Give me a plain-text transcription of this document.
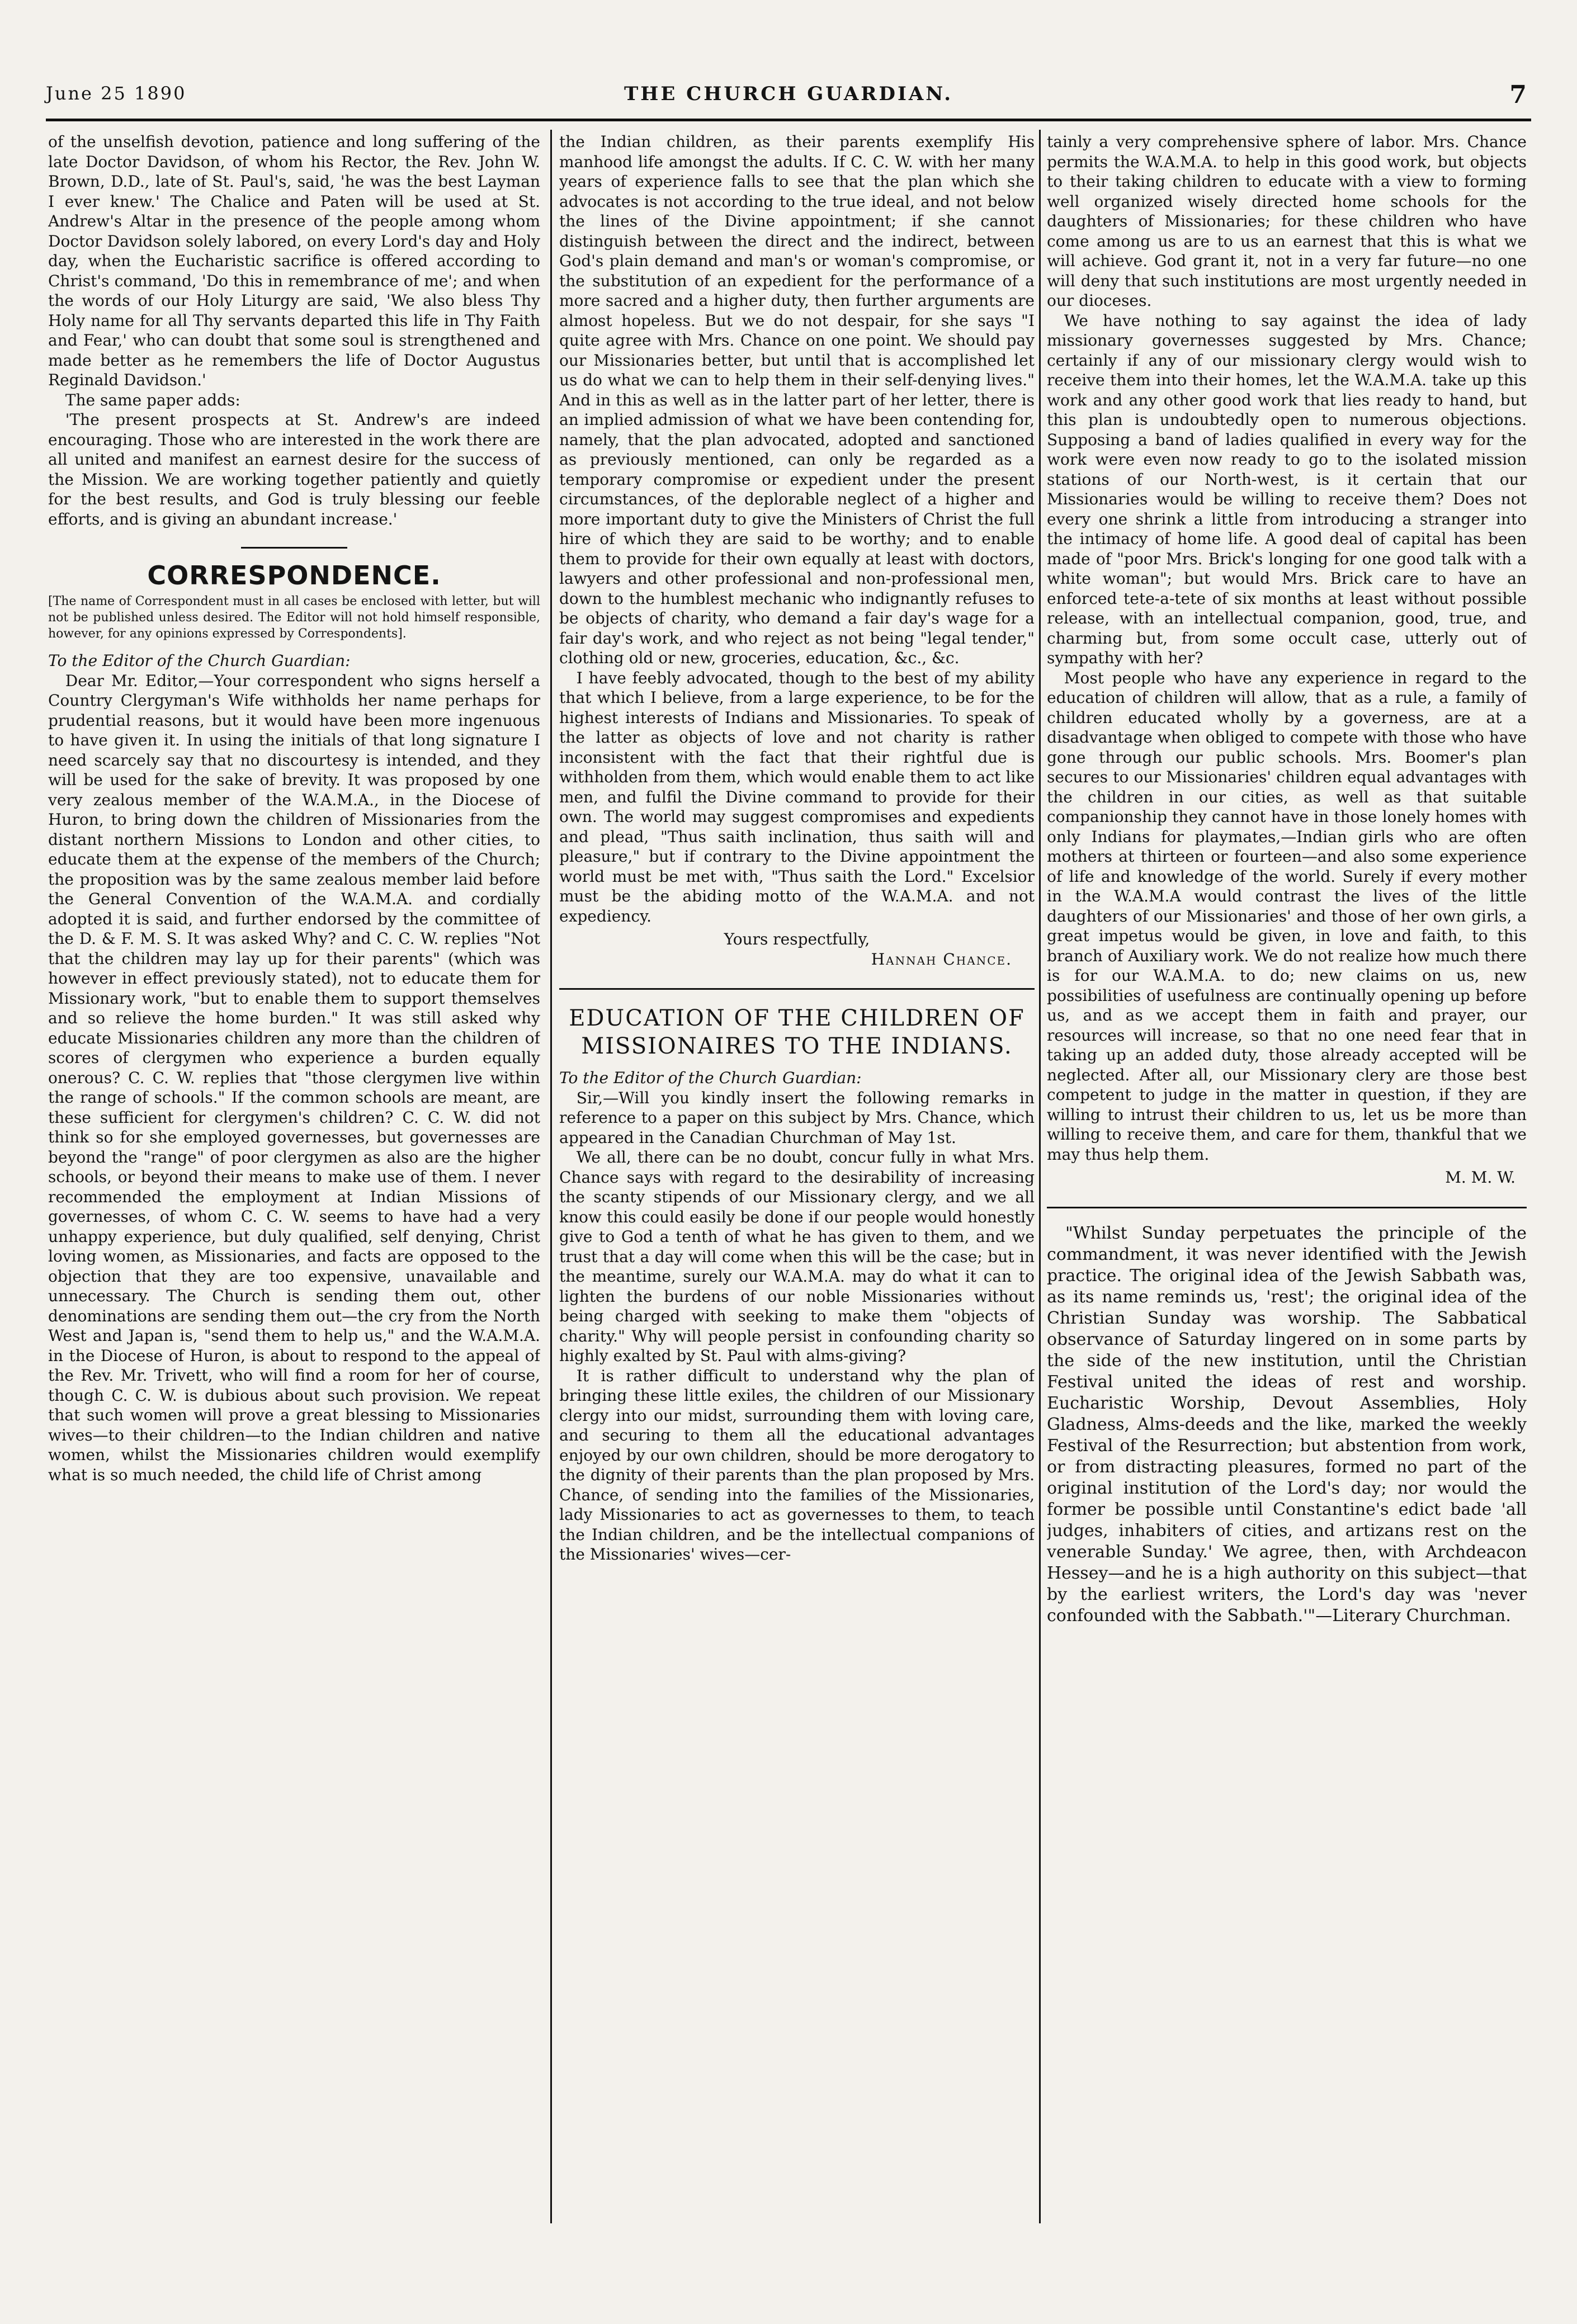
June 25 1890	THE CHURCH GUARDIAN.	7

of the unselfish devotion, patience and long suffering of the late Doctor Davidson, of whom his Rector, the Rev. John W. Brown, D.D., late of St. Paul's, said, 'he was the best Layman I ever knew.' The Chalice and Paten will be used at St. Andrew's Altar in the presence of the people among whom Doctor Davidson solely labored, on every Lord's day and Holy day, when the Eucharistic sacrifice is offered according to Christ's command, 'Do this in remembrance of me'; and when the words of our Holy Liturgy are said, 'We also bless Thy Holy name for all Thy servants departed this life in Thy Faith and Fear,' who can doubt that some soul is strengthened and made better as he remembers the life of Doctor Augustus Reginald Davidson.'

The same paper adds:

'The present prospects at St. Andrew's are indeed encouraging. Those who are interested in the work there are all united and manifest an earnest desire for the success of the Mission. We are working together patiently and quietly for the best results, and God is truly blessing our feeble efforts, and is giving an abundant increase.'

CORRESPONDENCE.
[The name of Correspondent must in all cases be enclosed with letter, but will not be published unless desired. The Editor will not hold himself responsible, however, for any opinions expressed by Correspondents].

To the Editor of the Church Guardian:

Dear Mr. Editor,—Your correspondent who signs herself a Country Clergyman's Wife withholds her name perhaps for prudential reasons, but it would have been more ingenuous to have given it. In using the initials of that long signature I need scarcely say that no discourtesy is intended, and they will be used for the sake of brevity. It was proposed by one very zealous member of the W.A.M.A., in the Diocese of Huron, to bring down the children of Missionaries from the distant northern Missions to London and other cities, to educate them at the expense of the members of the Church; the proposition was by the same zealous member laid before the General Convention of the W.A.M.A. and cordially adopted it is said, and further endorsed by the committee of the D. & F. M. S. It was asked Why? and C. C. W. replies "Not that the children may lay up for their parents" (which was however in effect previously stated), not to educate them for Missionary work, "but to enable them to support themselves and so relieve the home burden." It was still asked why educate Missionaries children any more than the children of scores of clergymen who experience a burden equally onerous? C. C. W. replies that "those clergymen live within the range of schools." If the common schools are meant, are these sufficient for clergymen's children? C. C. W. did not think so for she employed governesses, but governesses are beyond the "range" of poor clergymen as also are the higher schools, or beyond their means to make use of them. I never recommended the employment at Indian Missions of governesses, of whom C. C. W. seems to have had a very unhappy experience, but duly qualified, self denying, Christ loving women, as Missionaries, and facts are opposed to the objection that they are too expensive, unavailable and unnecessary. The Church is sending them out, other denominations are sending them out—the cry from the North West and Japan is, "send them to help us," and the W.A.M.A. in the Diocese of Huron, is about to respond to the appeal of the Rev. Mr. Trivett, who will find a room for her of course, though C. C. W. is dubious about such provision. We repeat that such women will prove a great blessing to Missionaries wives—to their children—to the Indian children and native women, whilst the Missionaries children would exemplify what is so much needed, the child life of Christ among

the Indian children, as their parents exemplify His manhood life amongst the adults. If C. C. W. with her many years of experience falls to see that the plan which she advocates is not according to the true ideal, and not below the lines of the Divine appointment; if she cannot distinguish between the direct and the indirect, between God's plain demand and man's or woman's compromise, or the substitution of an expedient for the performance of a more sacred and a higher duty, then further arguments are almost hopeless. But we do not despair, for she says "I quite agree with Mrs. Chance on one point. We should pay our Missionaries better, but until that is accomplished let us do what we can to help them in their self-denying lives." And in this as well as in the latter part of her letter, there is an implied admission of what we have been contending for, namely, that the plan advocated, adopted and sanctioned as previously mentioned, can only be regarded as a temporary compromise or expedient under the present circumstances, of the deplorable neglect of a higher and more important duty to give the Ministers of Christ the full hire of which they are said to be worthy; and to enable them to provide for their own equally at least with doctors, lawyers and other professional and non-professional men, down to the humblest mechanic who indignantly refuses to be objects of charity, who demand a fair day's wage for a fair day's work, and who reject as not being "legal tender," clothing old or new, groceries, education, &c., &c.

I have feebly advocated, though to the best of my ability that which I believe, from a large experience, to be for the highest interests of Indians and Missionaries. To speak of the latter as objects of love and not charity is rather inconsistent with the fact that their rightful due is withholden from them, which would enable them to act like men, and fulfil the Divine command to provide for their own. The world may suggest compromises and expedients and plead, "Thus saith inclination, thus saith will and pleasure," but if contrary to the Divine appointment the world must be met with, "Thus saith the Lord." Excelsior must be the abiding motto of the W.A.M.A. and not expediency.

Yours respectfully,
Hannah Chance.
EDUCATION OF THE CHILDREN OF MISSIONAIRES TO THE INDIANS.

To the Editor of the Church Guardian:

Sir,—Will you kindly insert the following remarks in reference to a paper on this subject by Mrs. Chance, which appeared in the Canadian Churchman of May 1st.

We all, there can be no doubt, concur fully in what Mrs. Chance says with regard to the desirability of increasing the scanty stipends of our Missionary clergy, and we all know this could easily be done if our people would honestly give to God a tenth of what he has given to them, and we trust that a day will come when this will be the case; but in the meantime, surely our W.A.M.A. may do what it can to lighten the burdens of our noble Missionaries without being charged with seeking to make them "objects of charity." Why will people persist in confounding charity so highly exalted by St. Paul with alms-giving?

It is rather difficult to understand why the plan of bringing these little exiles, the children of our Missionary clergy into our midst, surrounding them with loving care, and securing to them all the educational advantages enjoyed by our own children, should be more derogatory to the dignity of their parents than the plan proposed by Mrs. Chance, of sending into the families of the Missionaries, lady Missionaries to act as governesses to them, to teach the Indian children, and be the intellectual companions of the Missionaries' wives—cer-

tainly a very comprehensive sphere of labor. Mrs. Chance permits the W.A.M.A. to help in this good work, but objects to their taking children to educate with a view to forming well organized wisely directed home schools for the daughters of Missionaries; for these children who have come among us are to us an earnest that this is what we will achieve. God grant it, not in a very far future—no one will deny that such institutions are most urgently needed in our dioceses.

We have nothing to say against the idea of lady missionary governesses suggested by Mrs. Chance; certainly if any of our missionary clergy would wish to receive them into their homes, let the W.A.M.A. take up this work and any other good work that lies ready to hand, but this plan is undoubtedly open to numerous objections. Supposing a band of ladies qualified in every way for the work were even now ready to go to the isolated mission stations of our North-west, is it certain that our Missionaries would be willing to receive them? Does not every one shrink a little from introducing a stranger into the intimacy of home life. A good deal of capital has been made of "poor Mrs. Brick's longing for one good talk with a white woman"; but would Mrs. Brick care to have an enforced tete-a-tete of six months at least without possible release, with an intellectual companion, good, true, and charming but, from some occult case, utterly out of sympathy with her?

Most people who have any experience in regard to the education of children will allow, that as a rule, a family of children educated wholly by a governess, are at a disadvantage when obliged to compete with those who have gone through our public schools. Mrs. Boomer's plan secures to our Missionaries' children equal advantages with the children in our cities, as well as that suitable companionship they cannot have in those lonely homes with only Indians for playmates,—Indian girls who are often mothers at thirteen or fourteen—and also some experience of life and knowledge of the world. Surely if every mother in the W.A.M.A would contrast the lives of the little daughters of our Missionaries' and those of her own girls, a great impetus would be given, in love and faith, to this branch of Auxiliary work. We do not realize how much there is for our W.A.M.A. to do; new claims on us, new possibilities of usefulness are continually opening up before us, and as we accept them in faith and prayer, our resources will increase, so that no one need fear that in taking up an added duty, those already accepted will be neglected. After all, our Missionary clery are those best competent to judge in the matter in question, if they are willing to intrust their children to us, let us be more than willing to receive them, and care for them, thankful that we may thus help them.

M. M. W.

"Whilst Sunday perpetuates the principle of the commandment, it was never identified with the Jewish practice. The original idea of the Jewish Sabbath was, as its name reminds us, 'rest'; the original idea of the Christian Sunday was worship. The Sabbatical observance of Saturday lingered on in some parts by the side of the new institution, until the Christian Festival united the ideas of rest and worship. Eucharistic Worship, Devout Assemblies, Holy Gladness, Alms-deeds and the like, marked the weekly Festival of the Resurrection; but abstention from work, or from distracting pleasures, formed no part of the original institution of the Lord's day; nor would the former be possible until Constantine's edict bade 'all judges, inhabiters of cities, and artizans rest on the venerable Sunday.' We agree, then, with Archdeacon Hessey—and he is a high authority on this subject—that by the earliest writers, the Lord's day was 'never confounded with the Sabbath.'"—Literary Churchman.
